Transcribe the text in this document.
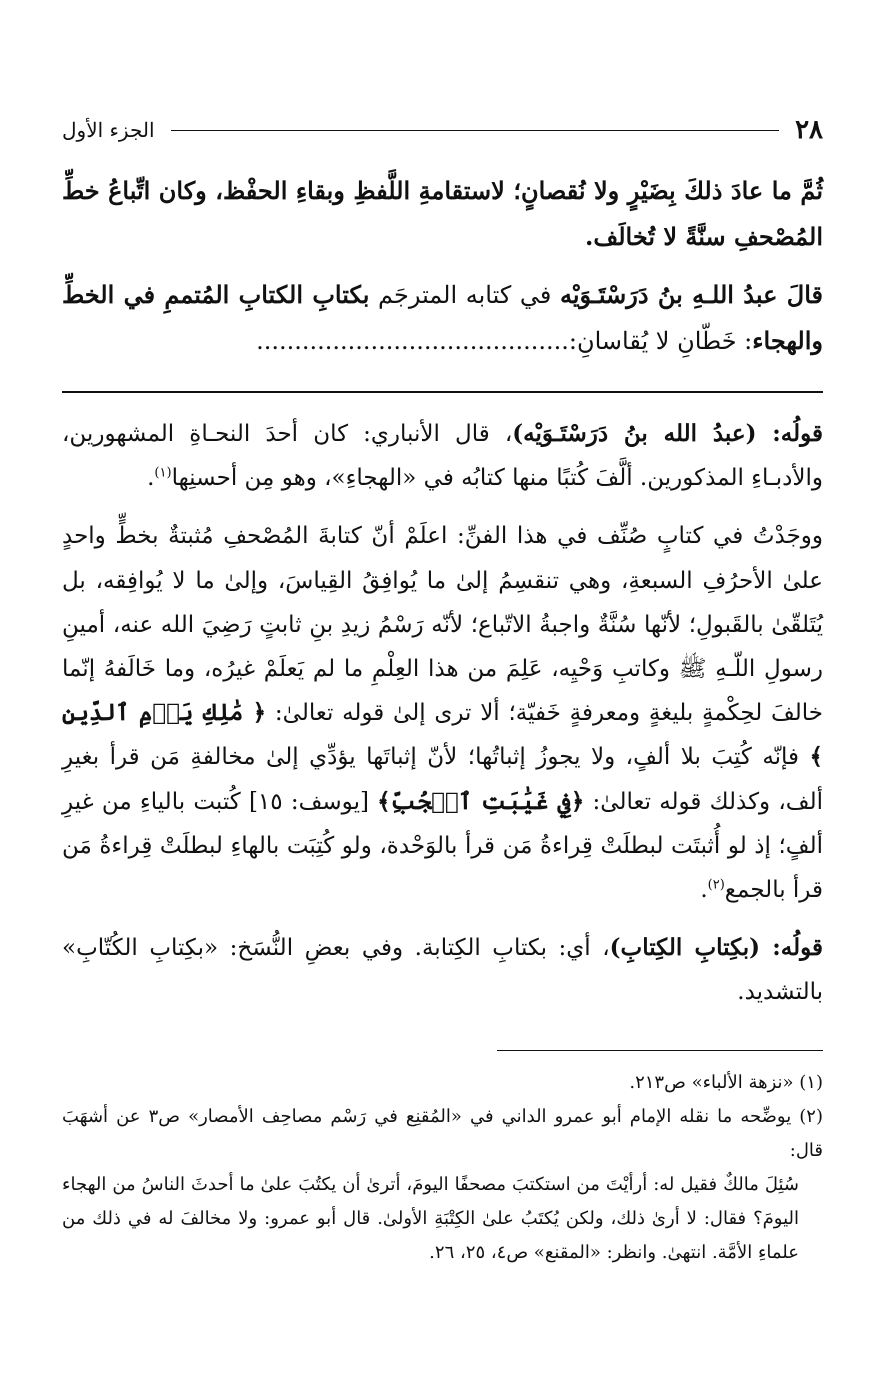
٢٨
الجزء الأول

ثُمَّ ما عادَ ذلكَ بِضَيْرٍ ولا نُقصانٍ؛ لاستقامةِ اللَّفظِ وبقاءِ الحفْظ، وكان اتِّباعُ خطِّ المُصْحفِ سنَّةً لا تُخالَف.

قالَ عبدُ اللـهِ بنُ دَرَسْتَـوَيْه في كتابه المترجَم بكتابِ الكتابِ المُتممِ في الخطِّ والهجاء: خَطّانِ لا يُقاسانِ:.........................................

قولُه: (عبدُ الله بنُ دَرَسْتَـوَيْه)، قال الأنباري: كان أحدَ النحـاةِ المشهورين، والأدبـاءِ المذكورين. ألَّفَ كُتبًا منها كتابُه في «الهجاءِ»، وهو مِن أحسنِها$^{(١)}$.

ووجَدْتُ في كتابٍ صُنِّف في هذا الفنِّ: اعلَمْ أنّ كتابةَ المُصْحفِ مُثبتةٌ بخطٍّ واحدٍ علىٰ الأحرُفِ السبعةِ، وهي تنقسِمُ إلىٰ ما يُوافِقُ القِياسَ، وإلىٰ ما لا يُوافِقه، بل يُتَلقّىٰ بالقَبولِ؛ لأنّها سُنَّةٌ واجبةُ الاتّباع؛ لأنّه رَسْمُ زيدِ بنِ ثابتٍ رَضِيَ الله عنه، أمينِ رسولِ اللّـهِ ﷺ وكاتبِ وَحْيِه، عَلِمَ من هذا العِلْمِ ما لم يَعلَمْ غيرُه، وما خَالَفهُ إنّما خالفَ لحِكْمةٍ بليغةٍ ومعرفةٍ خَفيّة؛ ألا ترى إلىٰ قوله تعالىٰ: ﴿ مَٰلِكِ يَوۡمِ ٱلدِّينِ ﴾ فإنّه كُتِبَ بلا ألفٍ، ولا يجوزُ إثباتُها؛ لأنّ إثباتَها يؤدِّي إلىٰ مخالفةِ مَن قرأ بغيرِ ألف، وكذلك قوله تعالىٰ: ﴿فِي غَيَٰبَتِ ٱلۡجُبِّ﴾ [يوسف: ١٥] كُتبت بالياءِ من غيرِ ألفٍ؛ إذ لو أُثبتَت لبطلَتْ قِراءةُ مَن قرأ بالوَحْدة، ولو كُتِبَت بالهاءِ لبطلَتْ قِراءةُ مَن قرأ بالجمع$^{(٢)}$.

قولُه: (بكِتابِ الكِتابِ)، أي: بكتابِ الكِتابة. وفي بعضِ النُّسَخ: «بكِتابِ الكُتّابِ» بالتشديد.

(١) «نزهة الألباء» ص٢١٣.

(٢) يوضِّحه ما نقله الإمام أبو عمرو الداني في «المُقنِع في رَسْم مصاحِف الأمصار» ص٣ عن أشهَبَ قال:

سُئِلَ مالكٌ فقيل له: أرأيْتَ من استكتبَ مصحفًا اليومَ، أترىٰ أن يكتُبَ علىٰ ما أحدثَ الناسُ من الهجاء اليومَ؟ فقال: لا أرىٰ ذلك، ولكن يُكتَبُ علىٰ الكِتْبَةِ الأولىٰ. قال أبو عمرو: ولا مخالفَ له في ذلك من علماءِ الأمَّة. انتهىٰ. وانظر: «المقنع» ص٤، ٢٥، ٢٦.
